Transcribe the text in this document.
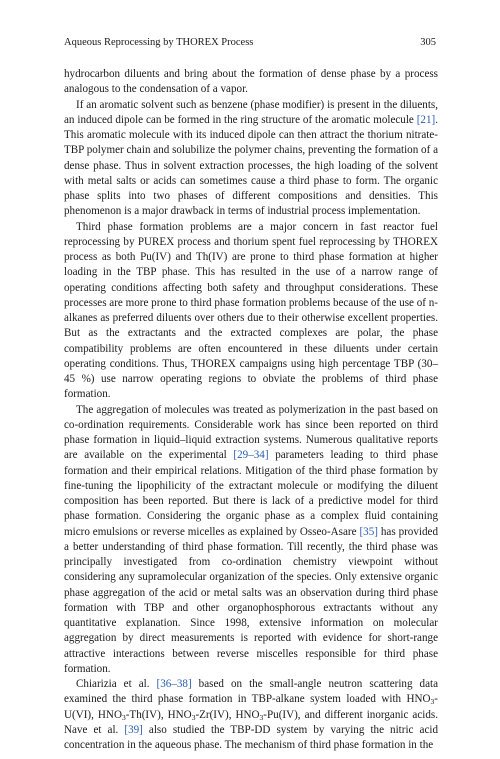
Aqueous Reprocessing by THOREX Process	305

hydrocarbon diluents and bring about the formation of dense phase by a process analogous to the condensation of a vapor.

If an aromatic solvent such as benzene (phase modifier) is present in the diluents, an induced dipole can be formed in the ring structure of the aromatic molecule [21]. This aromatic molecule with its induced dipole can then attract the thorium nitrate-TBP polymer chain and solubilize the polymer chains, preventing the formation of a dense phase. Thus in solvent extraction processes, the high loading of the solvent with metal salts or acids can sometimes cause a third phase to form. The organic phase splits into two phases of different compositions and densities. This phenomenon is a major drawback in terms of industrial process implementation.

Third phase formation problems are a major concern in fast reactor fuel reprocessing by PUREX process and thorium spent fuel reprocessing by THOREX process as both Pu(IV) and Th(IV) are prone to third phase formation at higher loading in the TBP phase. This has resulted in the use of a narrow range of operating conditions affecting both safety and throughput considerations. These processes are more prone to third phase formation problems because of the use of n-alkanes as preferred diluents over others due to their otherwise excellent properties. But as the extractants and the extracted complexes are polar, the phase compatibility problems are often encountered in these diluents under certain operating conditions. Thus, THOREX campaigns using high percentage TBP (30–45 %) use narrow operating regions to obviate the problems of third phase formation.

The aggregation of molecules was treated as polymerization in the past based on co-ordination requirements. Considerable work has since been reported on third phase formation in liquid–liquid extraction systems. Numerous qualitative reports are available on the experimental [29–34] parameters leading to third phase formation and their empirical relations. Mitigation of the third phase formation by fine-tuning the lipophilicity of the extractant molecule or modifying the diluent composition has been reported. But there is lack of a predictive model for third phase formation. Considering the organic phase as a complex fluid containing micro emulsions or reverse micelles as explained by Osseo-Asare [35] has provided a better understanding of third phase formation. Till recently, the third phase was principally investigated from co-ordination chemistry viewpoint without considering any supramolecular organization of the species. Only extensive organic phase aggregation of the acid or metal salts was an observation during third phase formation with TBP and other organophosphorous extractants without any quantitative explanation. Since 1998, extensive information on molecular aggregation by direct measurements is reported with evidence for short-range attractive interactions between reverse miscelles responsible for third phase formation.

Chiarizia et al. [36–38] based on the small-angle neutron scattering data examined the third phase formation in TBP-alkane system loaded with $HNO_3-U(VI)$, $HNO_3-Th(IV)$, $HNO_3-Zr(IV)$, $HNO_3-Pu(IV)$, and different inorganic acids. Nave et al. [39] also studied the TBP-DD system by varying the nitric acid concentration in the aqueous phase. The mechanism of third phase formation in the
